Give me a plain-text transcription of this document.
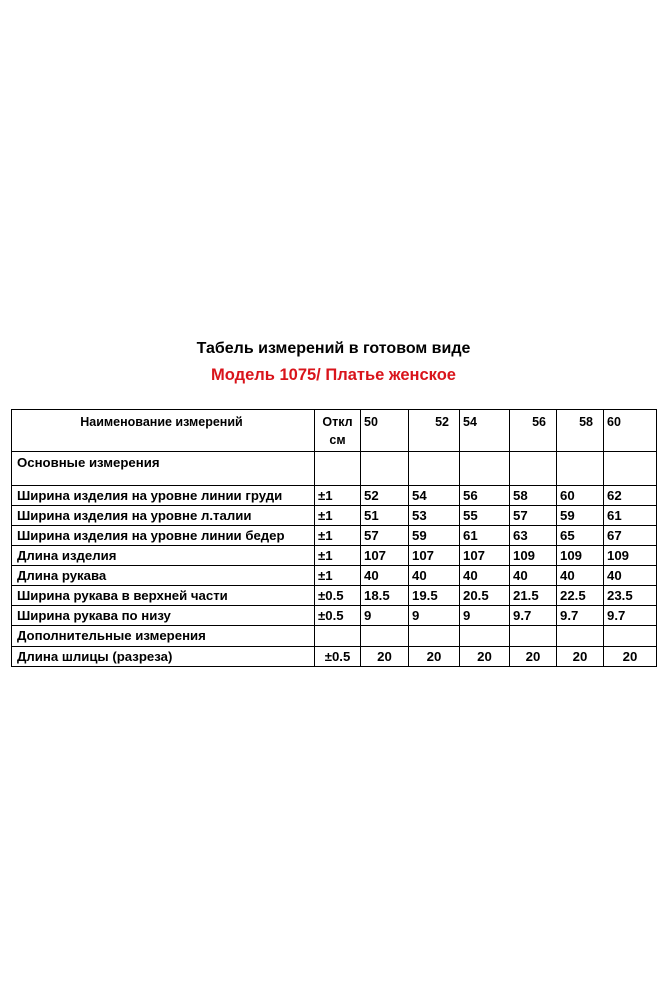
Табель измерений в готовом виде
Модель 1075/ Платье женское
Наименование измерений	Откл см	50	52	54	56	58	60
Основные измерения							
Ширина изделия на уровне линии груди	±1	52	54	56	58	60	62
Ширина изделия на уровне л.талии	±1	51	53	55	57	59	61
Ширина изделия на уровне линии бедер	±1	57	59	61	63	65	67
Длина изделия	±1	107	107	107	109	109	109
Длина рукава	±1	40	40	40	40	40	40
Ширина рукава в верхней части	±0.5	18.5	19.5	20.5	21.5	22.5	23.5
Ширина рукава по низу	±0.5	9	9	9	9.7	9.7	9.7
Дополнительные измерения							
Длина шлицы (разреза)	±0.5	20	20	20	20	20	20
